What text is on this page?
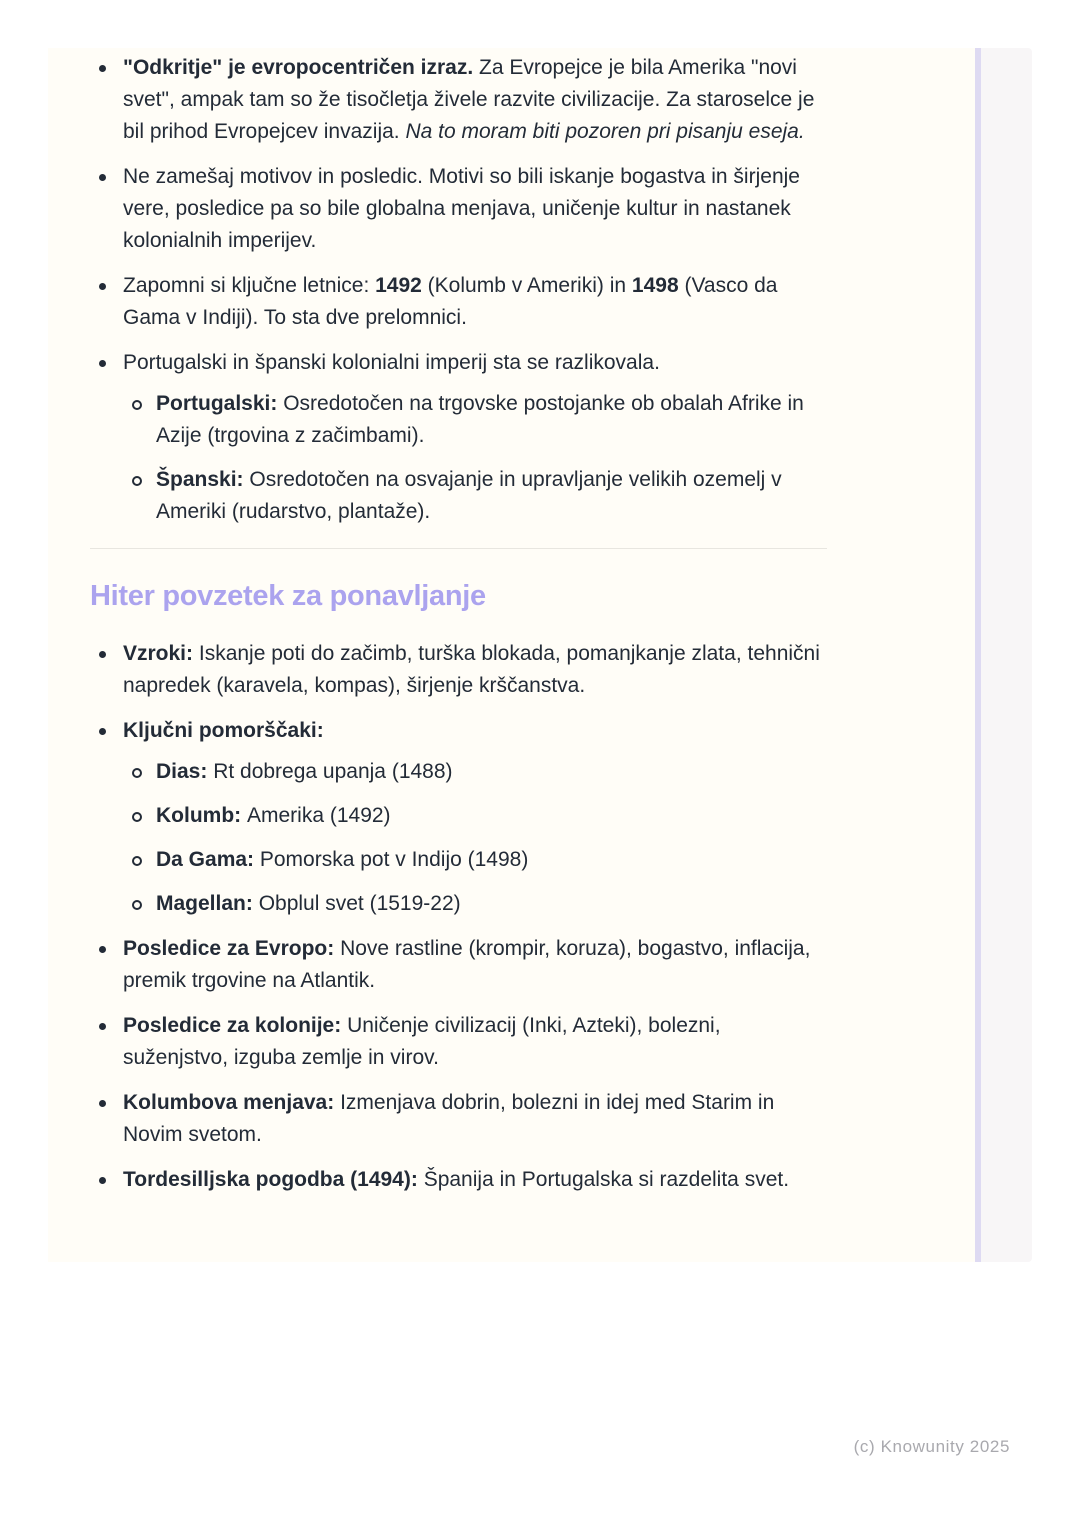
"Odkritje" je evropocentričen izraz. Za Evropejce je bila Amerika "novi svet", ampak tam so že tisočletja živele razvite civilizacije. Za staroselce je bil prihod Evropejcev invazija. Na to moram biti pozoren pri pisanju eseja.
Ne zamešaj motivov in posledic. Motivi so bili iskanje bogastva in širjenje vere, posledice pa so bile globalna menjava, uničenje kultur in nastanek kolonialnih imperijev.
Zapomni si ključne letnice: 1492 (Kolumb v Ameriki) in 1498 (Vasco da Gama v Indiji). To sta dve prelomnici.
Portugalski in španski kolonialni imperij sta se razlikovala.
Portugalski: Osredotočen na trgovske postojanke ob obalah Afrike in Azije (trgovina z začimbami).
Španski: Osredotočen na osvajanje in upravljanje velikih ozemelj v Ameriki (rudarstvo, plantaže).
Hiter povzetek za ponavljanje
Vzroki: Iskanje poti do začimb, turška blokada, pomanjkanje zlata, tehnični napredek (karavela, kompas), širjenje krščanstva.
Ključni pomorščaki:
Dias: Rt dobrega upanja (1488)
Kolumb: Amerika (1492)
Da Gama: Pomorska pot v Indijo (1498)
Magellan: Obplul svet (1519-22)
Posledice za Evropo: Nove rastline (krompir, koruza), bogastvo, inflacija, premik trgovine na Atlantik.
Posledice za kolonije: Uničenje civilizacij (Inki, Azteki), bolezni, suženjstvo, izguba zemlje in virov.
Kolumbova menjava: Izmenjava dobrin, bolezni in idej med Starim in Novim svetom.
Tordesilljska pogodba (1494): Španija in Portugalska si razdelita svet.
(c) Knowunity 2025
